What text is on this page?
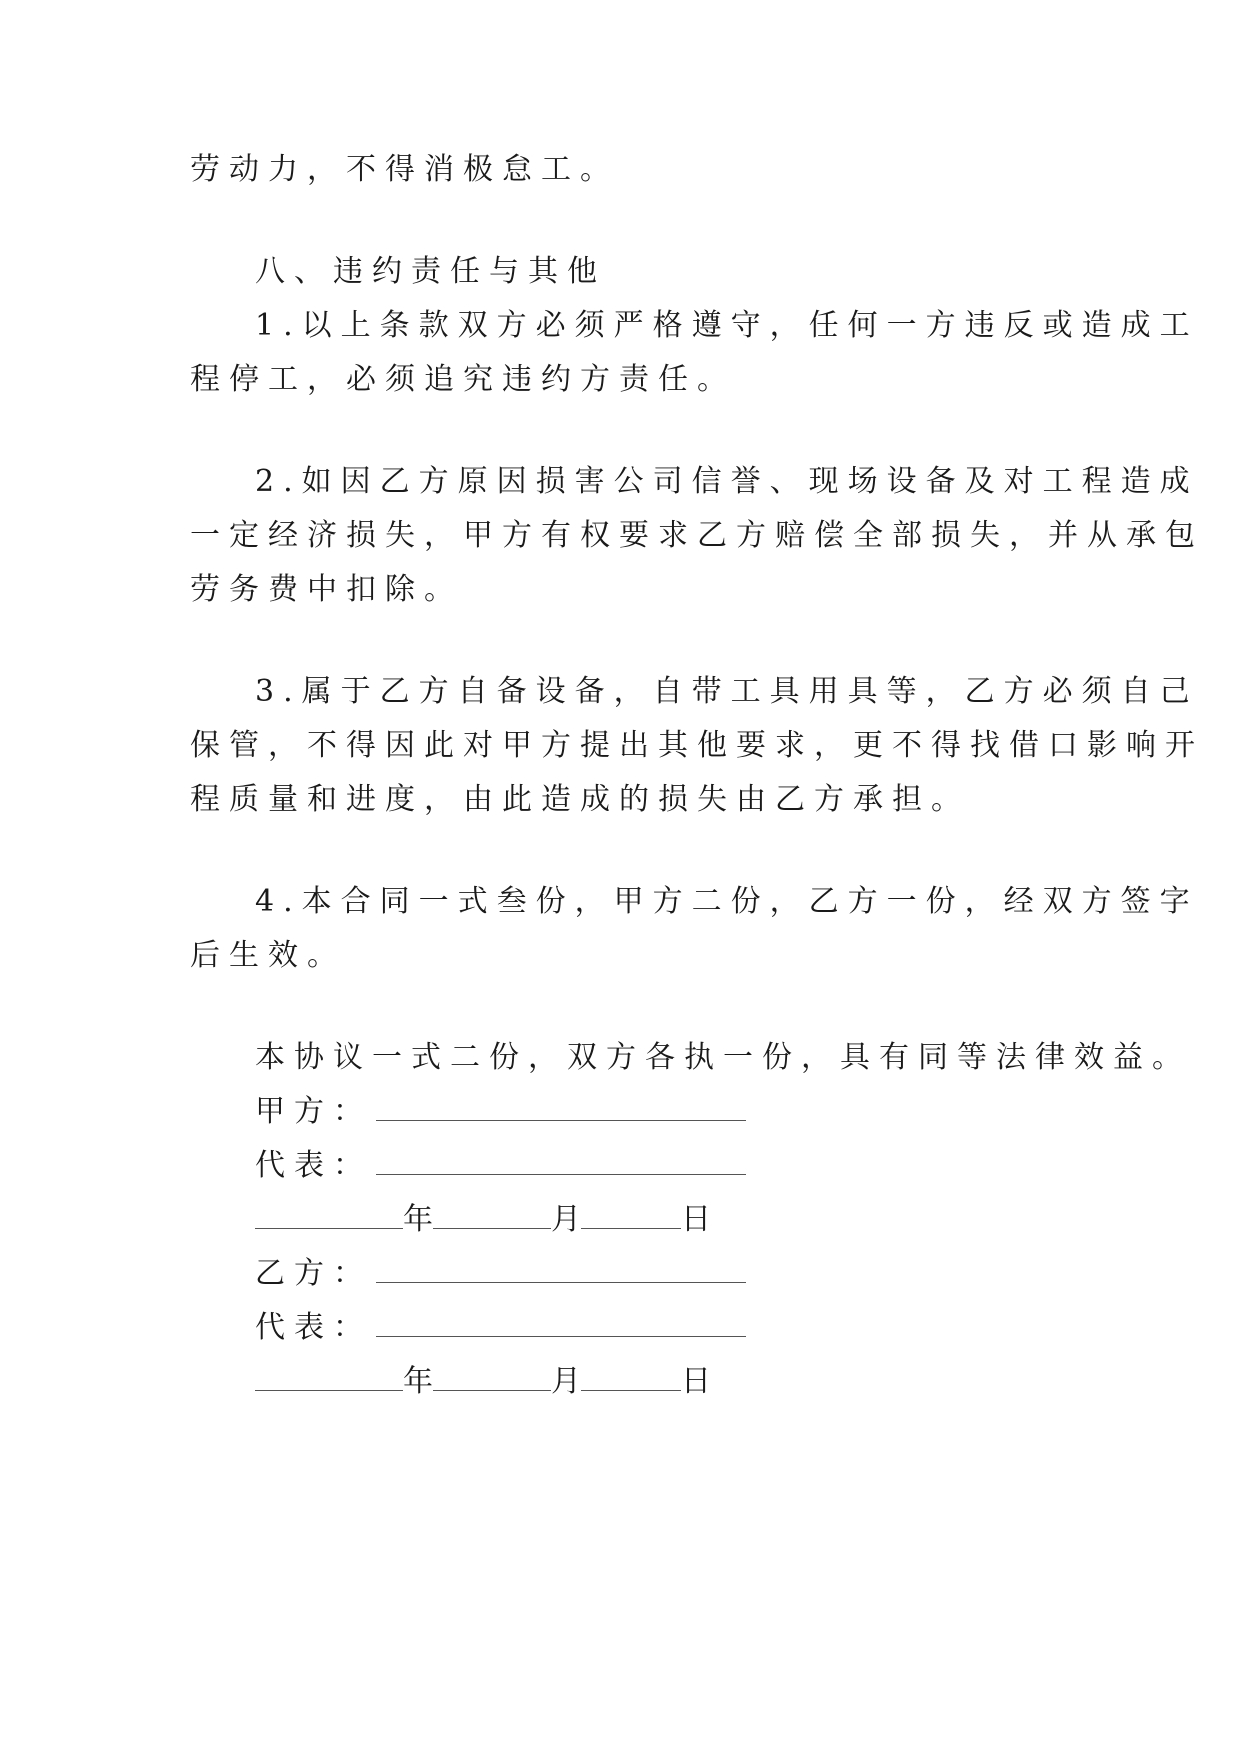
劳动力，不得消极怠工。
八、违约责任与其他
1.以上条款双方必须严格遵守，任何一方违反或造成工
程停工，必须追究违约方责任。
2.如因乙方原因损害公司信誉、现场设备及对工程造成
一定经济损失，甲方有权要求乙方赔偿全部损失，并从承包
劳务费中扣除。
3.属于乙方自备设备，自带工具用具等，乙方必须自己
保管，不得因此对甲方提出其他要求，更不得找借口影响开
程质量和进度，由此造成的损失由乙方承担。
4.本合同一式叁份，甲方二份，乙方一份，经双方签字
后生效。
本协议一式二份，双方各执一份，具有同等法律效益。
甲方：
代表：
年	月	日
乙方：
代表：
年	月	日
